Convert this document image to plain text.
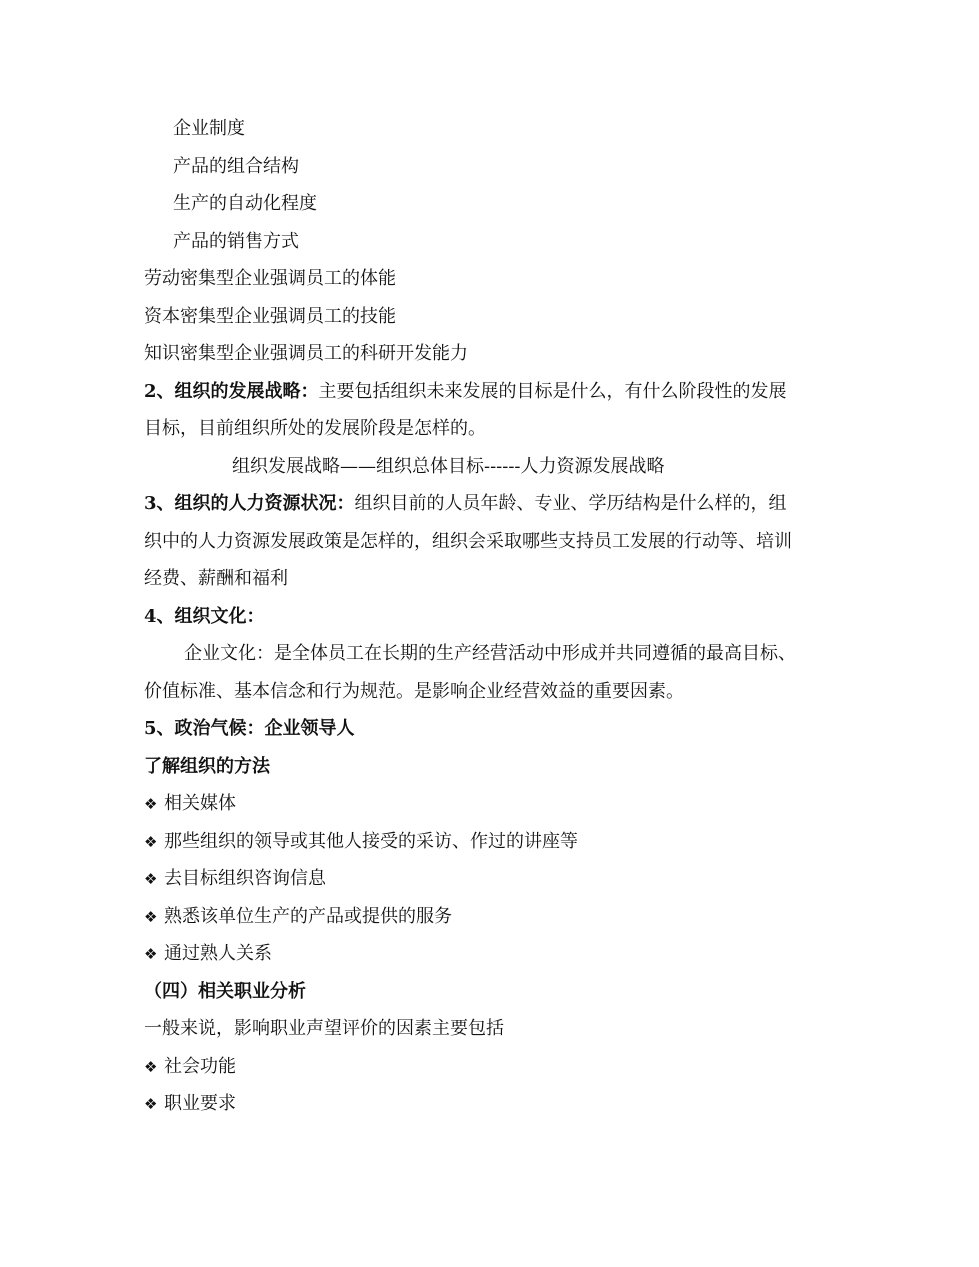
企业制度

产品的组合结构

生产的自动化程度

产品的销售方式

劳动密集型企业强调员工的体能

资本密集型企业强调员工的技能

知识密集型企业强调员工的科研开发能力

2、组织的发展战略：主要包括组织未来发展的目标是什么，有什么阶段性的发展

目标，目前组织所处的发展阶段是怎样的。

组织发展战略——组织总体目标------人力资源发展战略

3、组织的人力资源状况：组织目前的人员年龄、专业、学历结构是什么样的，组

织中的人力资源发展政策是怎样的，组织会采取哪些支持员工发展的行动等、培训

经费、薪酬和福利

4、组织文化：

企业文化：是全体员工在长期的生产经营活动中形成并共同遵循的最高目标、

价值标准、基本信念和行为规范。是影响企业经营效益的重要因素。

5、政治气候：企业领导人

了解组织的方法

❖ 相关媒体

❖ 那些组织的领导或其他人接受的采访、作过的讲座等

❖ 去目标组织咨询信息

❖ 熟悉该单位生产的产品或提供的服务

❖ 通过熟人关系

（四）相关职业分析

一般来说，影响职业声望评价的因素主要包括

❖ 社会功能

❖ 职业要求
